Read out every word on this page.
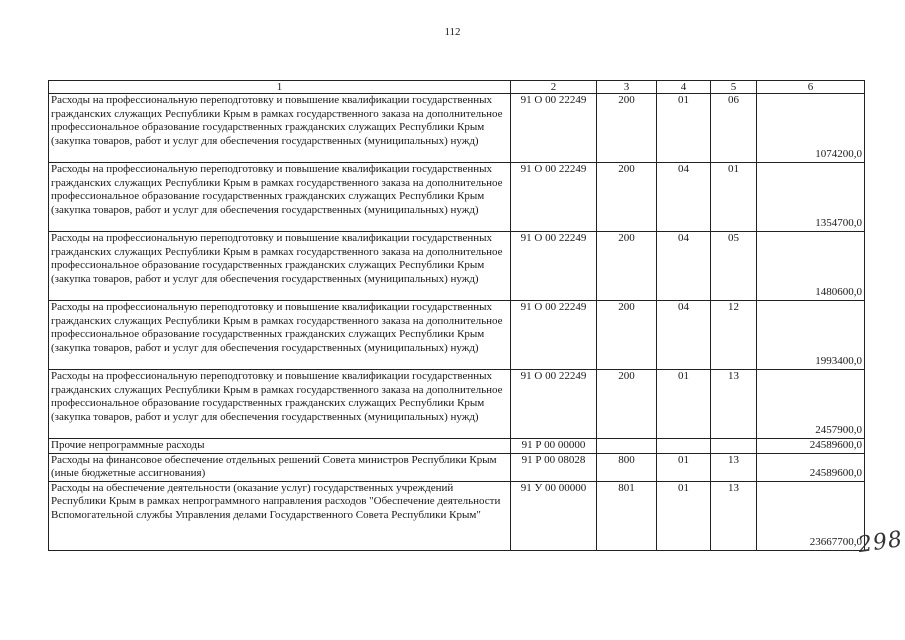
112
1	2	3	4	5	6
Расходы на профессиональную переподготовку и повышение квалификации государственных гражданских служащих Республики Крым в рамках государственного заказа на дополнительное профессиональное образование государственных гражданских служащих Республики Крым (закупка товаров, работ и услуг для обеспечения государственных (муниципальных) нужд)	91 О 00 22249	200	01	06	1074200,0
Расходы на профессиональную переподготовку и повышение квалификации государственных гражданских служащих Республики Крым в рамках государственного заказа на дополнительное профессиональное образование государственных гражданских служащих Республики Крым (закупка товаров, работ и услуг для обеспечения государственных (муниципальных) нужд)	91 О 00 22249	200	04	01	1354700,0
Расходы на профессиональную переподготовку и повышение квалификации государственных гражданских служащих Республики Крым в рамках государственного заказа на дополнительное профессиональное образование государственных гражданских служащих Республики Крым (закупка товаров, работ и услуг для обеспечения государственных (муниципальных) нужд)	91 О 00 22249	200	04	05	1480600,0
Расходы на профессиональную переподготовку и повышение квалификации государственных гражданских служащих Республики Крым в рамках государственного заказа на дополнительное профессиональное образование государственных гражданских служащих Республики Крым (закупка товаров, работ и услуг для обеспечения государственных (муниципальных) нужд)	91 О 00 22249	200	04	12	1993400,0
Расходы на профессиональную переподготовку и повышение квалификации государственных гражданских служащих Республики Крым в рамках государственного заказа на дополнительное профессиональное образование государственных гражданских служащих Республики Крым (закупка товаров, работ и услуг для обеспечения государственных (муниципальных) нужд)	91 О 00 22249	200	01	13	2457900,0
Прочие непрограммные расходы	91 Р 00 00000				24589600,0
Расходы на финансовое обеспечение отдельных решений Совета министров Республики Крым (иные бюджетные ассигнования)	91 Р 00 08028	800	01	13	24589600,0
Расходы на обеспечение деятельности (оказание услуг) государственных учреждений Республики Крым в рамках непрограммного направления расходов "Обеспечение деятельности Вспомогательной службы Управления делами Государственного Совета Республики Крым"	91 У 00 00000	801	01	13	23667700,0
298
